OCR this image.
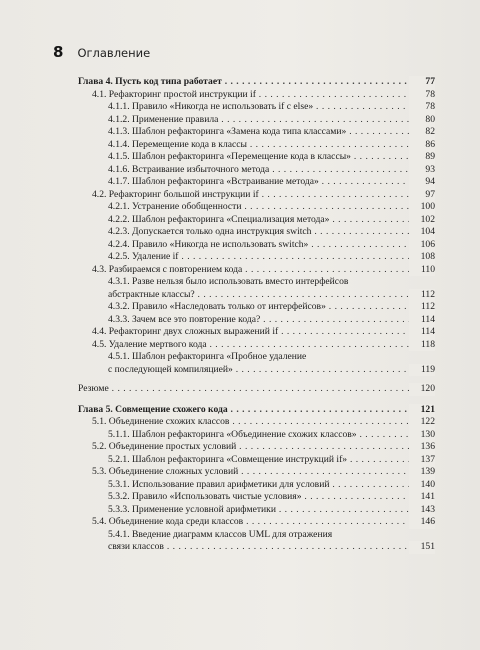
8 Оглавление
Глава 4. Пусть код типа работает . . .	77
4.1. Рефакторинг простой инструкции if . . .	78
4.1.1. Правило «Никогда не использовать if с else» . . .	78
4.1.2. Применение правила . . .	80
4.1.3. Шаблон рефакторинга «Замена кода типа классами» . . .	82
4.1.4. Перемещение кода в классы . . .	86
4.1.5. Шаблон рефакторинга «Перемещение кода в классы» . . .	89
4.1.6. Встраивание избыточного метода . . .	93
4.1.7. Шаблон рефакторинга «Встраивание метода» . . .	94
4.2. Рефакторинг большой инструкции if . . .	97
4.2.1. Устранение обобщенности . . .	100
4.2.2. Шаблон рефакторинга «Специализация метода» . . .	102
4.2.3. Допускается только одна инструкция switch . . .	104
4.2.4. Правило «Никогда не использовать switch» . . .	106
4.2.5. Удаление if . . .	108
4.3. Разбираемся с повторением кода . . .	110
4.3.1. Разве нельзя было использовать вместо интерфейсов
абстрактные классы? . . .	112
4.3.2. Правило «Наследовать только от интерфейсов» . . .	112
4.3.3. Зачем все это повторение кода? . . .	114
4.4. Рефакторинг двух сложных выражений if . . .	114
4.5. Удаление мертвого кода . . .	118
4.5.1. Шаблон рефакторинга «Пробное удаление
с последующей компиляцией» . . .	119
Резюме . . .	120
Глава 5. Совмещение схожего кода . . .	121
5.1. Объединение схожих классов . . .	122
5.1.1. Шаблон рефакторинга «Объединение схожих классов» . . .	130
5.2. Объединение простых условий . . .	136
5.2.1. Шаблон рефакторинга «Совмещение инструкций if» . . .	137
5.3. Объединение сложных условий . . .	139
5.3.1. Использование правил арифметики для условий . . .	140
5.3.2. Правило «Использовать чистые условия» . . .	141
5.3.3. Применение условной арифметики . . .	143
5.4. Объединение кода среди классов . . .	146
5.4.1. Введение диаграмм классов UML для отражения
связи классов . . .	151
